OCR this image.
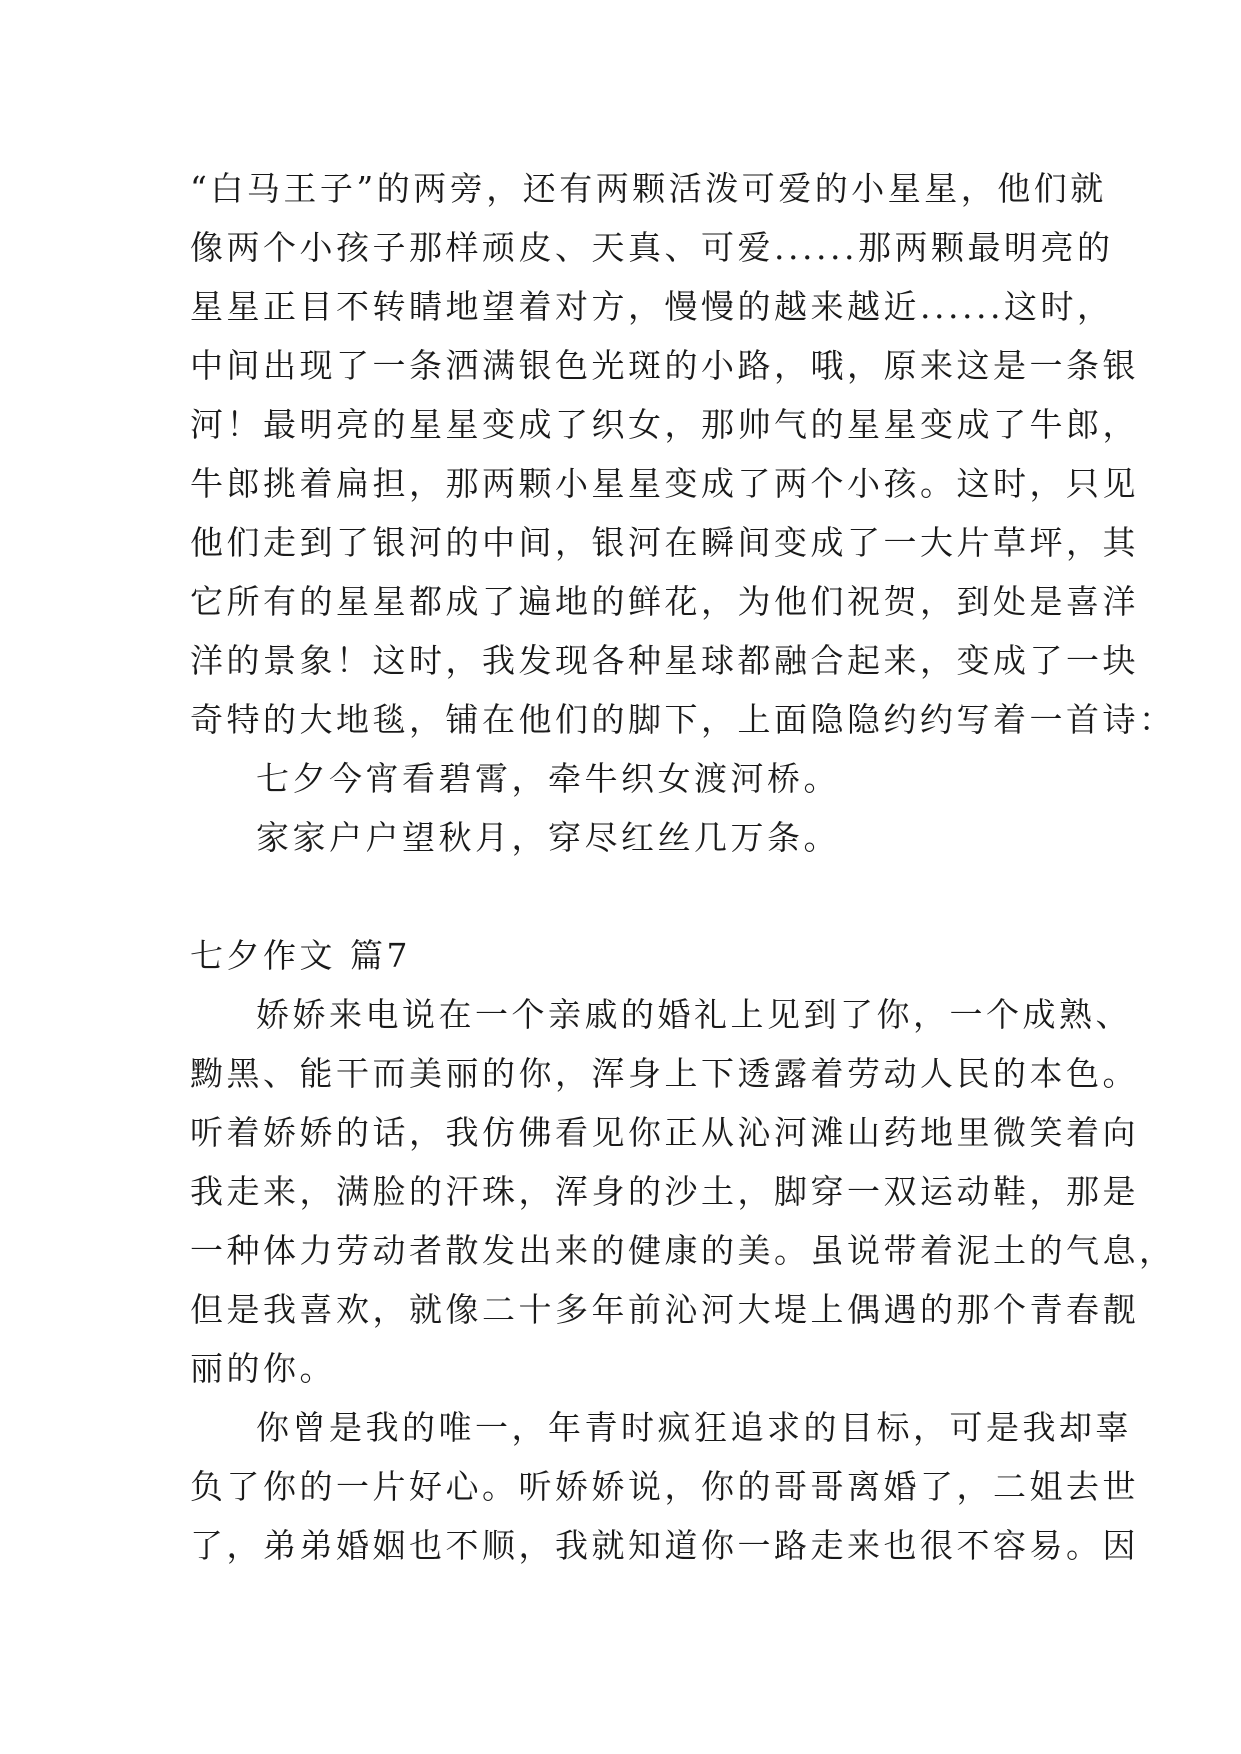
“白马王子”的两旁，还有两颗活泼可爱的小星星，他们就
像两个小孩子那样顽皮、天真、可爱......那两颗最明亮的
星星正目不转睛地望着对方，慢慢的越来越近......这时，
中间出现了一条洒满银色光斑的小路，哦，原来这是一条银
河！最明亮的星星变成了织女，那帅气的星星变成了牛郎，
牛郎挑着扁担，那两颗小星星变成了两个小孩。这时，只见
他们走到了银河的中间，银河在瞬间变成了一大片草坪，其
它所有的星星都成了遍地的鲜花，为他们祝贺，到处是喜洋
洋的景象！这时，我发现各种星球都融合起来，变成了一块
奇特的大地毯，铺在他们的脚下，上面隐隐约约写着一首诗：
七夕今宵看碧霄，牵牛织女渡河桥。
家家户户望秋月，穿尽红丝几万条。
七夕作文 篇7
娇娇来电说在一个亲戚的婚礼上见到了你，一个成熟、
黝黑、能干而美丽的你，浑身上下透露着劳动人民的本色。
听着娇娇的话，我仿佛看见你正从沁河滩山药地里微笑着向
我走来，满脸的汗珠，浑身的沙土，脚穿一双运动鞋，那是
一种体力劳动者散发出来的健康的美。虽说带着泥土的气息，
但是我喜欢，就像二十多年前沁河大堤上偶遇的那个青春靓
丽的你。
你曾是我的唯一，年青时疯狂追求的目标，可是我却辜
负了你的一片好心。听娇娇说，你的哥哥离婚了，二姐去世
了，弟弟婚姻也不顺，我就知道你一路走来也很不容易。因
